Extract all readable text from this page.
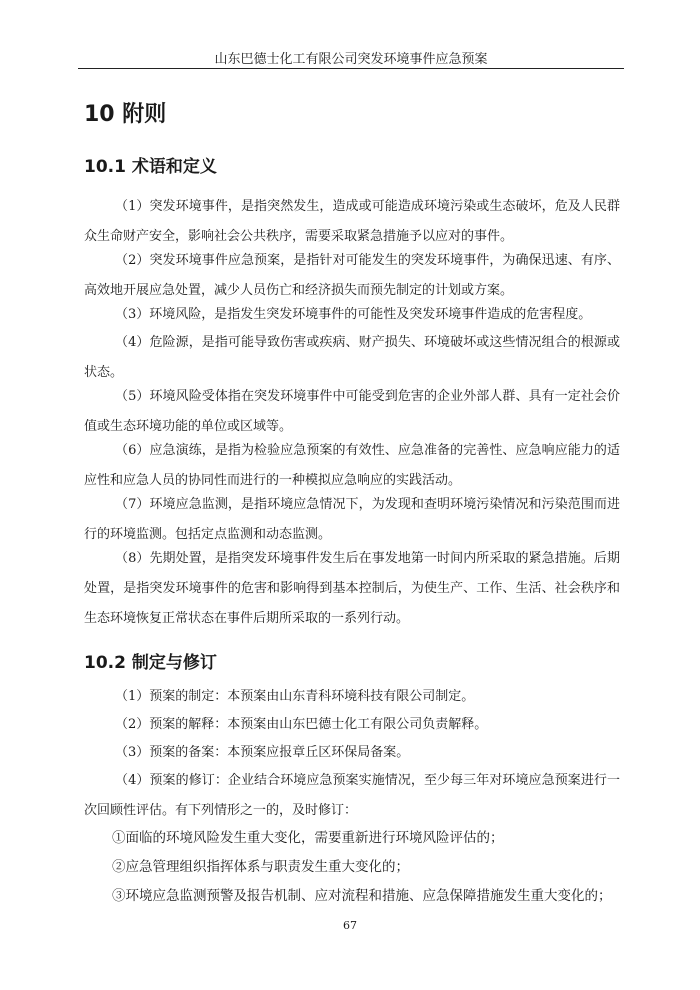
山东巴德士化工有限公司突发环境事件应急预案
10 附则
10.1 术语和定义

（1）突发环境事件，是指突然发生，造成或可能造成环境污染或生态破坏，危及人民群众生命财产安全，影响社会公共秩序，需要采取紧急措施予以应对的事件。

（2）突发环境事件应急预案，是指针对可能发生的突发环境事件，为确保迅速、有序、高效地开展应急处置，减少人员伤亡和经济损失而预先制定的计划或方案。

（3）环境风险，是指发生突发环境事件的可能性及突发环境事件造成的危害程度。

（4）危险源，是指可能导致伤害或疾病、财产损失、环境破坏或这些情况组合的根源或状态。

（5）环境风险受体指在突发环境事件中可能受到危害的企业外部人群、具有一定社会价值或生态环境功能的单位或区域等。

（6）应急演练，是指为检验应急预案的有效性、应急准备的完善性、应急响应能力的适应性和应急人员的协同性而进行的一种模拟应急响应的实践活动。

（7）环境应急监测，是指环境应急情况下，为发现和查明环境污染情况和污染范围而进行的环境监测。包括定点监测和动态监测。

（8）先期处置，是指突发环境事件发生后在事发地第一时间内所采取的紧急措施。后期处置，是指突发环境事件的危害和影响得到基本控制后，为使生产、工作、生活、社会秩序和生态环境恢复正常状态在事件后期所采取的一系列行动。

10.2 制定与修订

（1）预案的制定：本预案由山东青科环境科技有限公司制定。

（2）预案的解释：本预案由山东巴德士化工有限公司负责解释。

（3）预案的备案：本预案应报章丘区环保局备案。

（4）预案的修订：企业结合环境应急预案实施情况，至少每三年对环境应急预案进行一次回顾性评估。有下列情形之一的，及时修订：

①面临的环境风险发生重大变化，需要重新进行环境风险评估的；

②应急管理组织指挥体系与职责发生重大变化的；

③环境应急监测预警及报告机制、应对流程和措施、应急保障措施发生重大变化的；

67
